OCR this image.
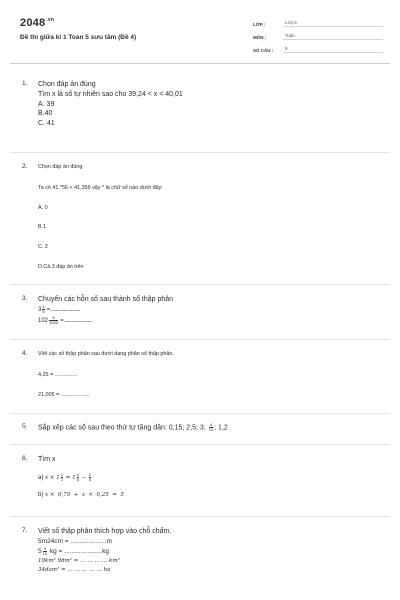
$2048^{.vn}$
Đề thi giữa kì 1 Toán 5 sưu tầm (Đề 4)
LỚP :	Lớp 5
MÔN :	Toán
SỐ CÂU :	9
1.	Chọn đáp án đúng
Tìm x là số tự nhiên sao cho 39,24 < x < 40,01
A. 39
B.40
C. 41
2.	Chọn đáp án đúng
Ta có 41,*56 < 41,356 vậy * là chữ số nào dưới đây:
A. 0
B.1
C. 2
D.Cả 3 đáp án trên
3.	Chuyển các hỗn số sau thành số thập phân
$3 \frac{4}{5}$ = .........................
$102 \frac{5}{1000}$ = ........................
4.	Viết các số thập phân sau dưới dạng phân số thập phân.
4,25 = ...............
21,005 = ...................
5.	Sắp xếp các số sau theo thứ tự tăng dần: 0,15; 2,5; 3; $\frac{4}{10}$ ; 1,2
6.	Tìm x
a) $x \times 1 \frac{1}{2} = 1 \frac{4}{5} - \frac{2}{5}$
b) x ×  0,75  +  x  ×  0,25  =  5
7.	Viết số thập phân thích hợp vào chỗ chấm.
5m24cm = ....................m
$5 \frac{4}{10}$ kg = .....................kg
19km² 9dm² = … … … … km²
34dam² = … … … … … ha
